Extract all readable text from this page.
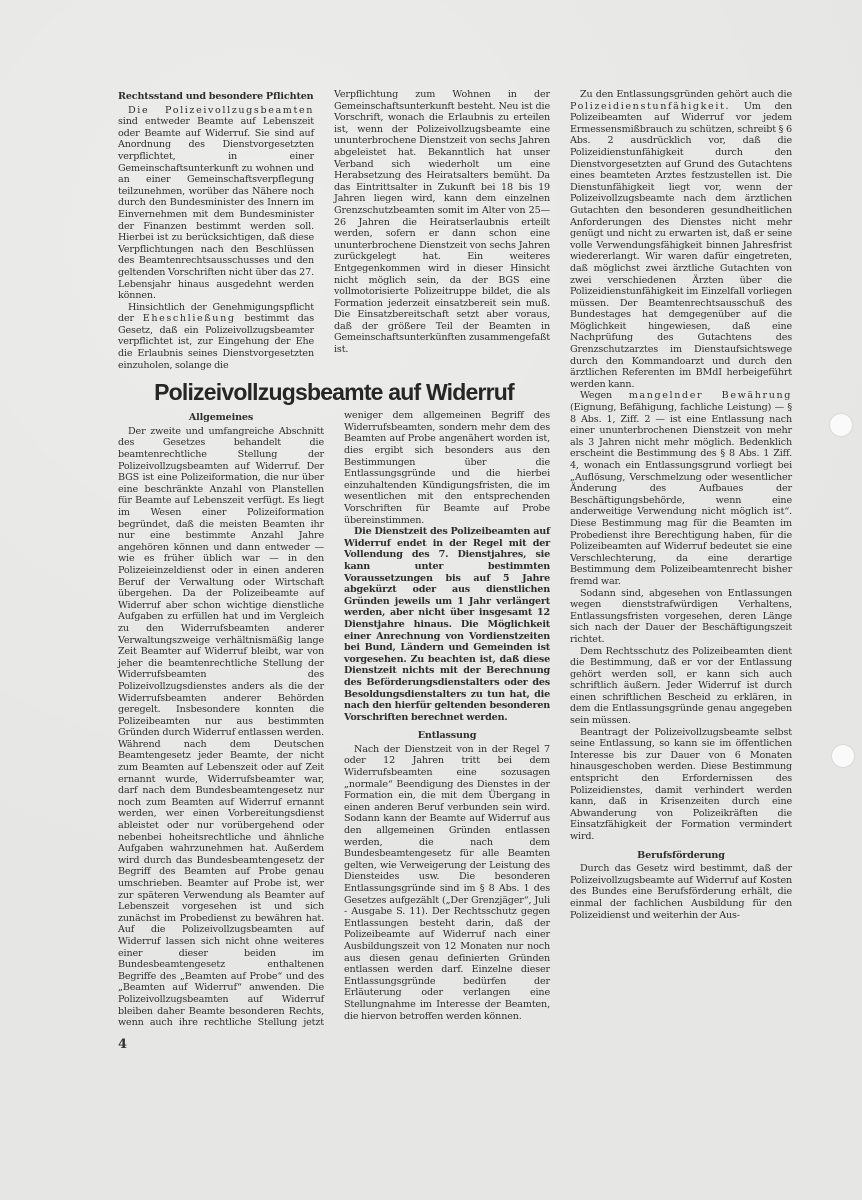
Rechtsstand und besondere Pflichten

Die Polizeivollzugsbeamten sind entweder Beamte auf Lebenszeit oder Beamte auf Widerruf. Sie sind auf Anordnung des Dienstvorgesetzten verpflichtet, in einer Gemeinschaftsunterkunft zu wohnen und an einer Gemeinschaftsverpflegung teilzunehmen, worüber das Nähere noch durch den Bundesminister des Innern im Einvernehmen mit dem Bundesminister der Finanzen bestimmt werden soll. Hierbei ist zu berücksichtigen, daß diese Verpflichtungen nach den Beschlüssen des Beamtenrechtsausschusses und den geltenden Vorschriften nicht über das 27. Lebensjahr hinaus ausgedehnt werden können.

Hinsichtlich der Genehmigungspflicht der Eheschließung bestimmt das Gesetz, daß ein Polizeivollzugsbeamter verpflichtet ist, zur Eingehung der Ehe die Erlaubnis seines Dienstvorgesetzten einzuholen, solange die

Verpflichtung zum Wohnen in der Gemeinschaftsunterkunft besteht. Neu ist die Vorschrift, wonach die Erlaubnis zu erteilen ist, wenn der Polizeivollzugsbeamte eine ununterbrochene Dienstzeit von sechs Jahren abgeleistet hat. Bekanntlich hat unser Verband sich wiederholt um eine Herabsetzung des Heiratsalters bemüht. Da das Eintrittsalter in Zukunft bei 18 bis 19 Jahren liegen wird, kann dem einzelnen Grenzschutzbeamten somit im Alter von 25—26 Jahren die Heiratserlaubnis erteilt werden, sofern er dann schon eine ununterbrochene Dienstzeit von sechs Jahren zurückgelegt hat. Ein weiteres Entgegenkommen wird in dieser Hinsicht nicht möglich sein, da der BGS eine vollmotorisierte Polizeitruppe bildet, die als Formation jederzeit einsatzbereit sein muß. Die Einsatzbereitschaft setzt aber voraus, daß der größere Teil der Beamten in Gemeinschaftsunterkünften zusammengefaßt ist.

Polizeivollzugsbeamte auf Widerruf
Allgemeines

Der zweite und umfangreiche Abschnitt des Gesetzes behandelt die beamtenrechtliche Stellung der Polizeivollzugsbeamten auf Widerruf. Der BGS ist eine Polizeiformation, die nur über eine beschränkte Anzahl von Planstellen für Beamte auf Lebenszeit verfügt. Es liegt im Wesen einer Polizeiformation begründet, daß die meisten Beamten ihr nur eine bestimmte Anzahl Jahre angehören können und dann entweder — wie es früher üblich war — in den Polizeieinzeldienst oder in einen anderen Beruf der Verwaltung oder Wirtschaft übergehen. Da der Polizeibeamte auf Widerruf aber schon wichtige dienstliche Aufgaben zu erfüllen hat und im Vergleich zu den Widerrufsbeamten anderer Verwaltungszweige verhältnismäßig lange Zeit Beamter auf Widerruf bleibt, war von jeher die beamtenrechtliche Stellung der Widerrufsbeamten des Polizeivollzugsdienstes anders als die der Widerrufsbeamten anderer Behörden geregelt. Insbesondere konnten die Polizeibeamten nur aus bestimmten Gründen durch Widerruf entlassen werden. Während nach dem Deutschen Beamtengesetz jeder Beamte, der nicht zum Beamten auf Lebenszeit oder auf Zeit ernannt wurde, Widerrufsbeamter war, darf nach dem Bundesbeamtengesetz nur noch zum Beamten auf Widerruf ernannt werden, wer einen Vorbereitungsdienst ableistet oder nur vorübergehend oder nebenbei hoheitsrechtliche und ähnliche Aufgaben wahrzunehmen hat. Außerdem wird durch das Bundesbeamtengesetz der Begriff des Beamten auf Probe genau umschrieben. Beamter auf Probe ist, wer zur späteren Verwendung als Beamter auf Lebenszeit vorgesehen ist und sich zunächst im Probedienst zu bewähren hat. Auf die Polizeivollzugsbeamten auf Widerruf lassen sich nicht ohne weiteres einer dieser beiden im Bundesbeamtengesetz enthaltenen Begriffe des „Beamten auf Probe“ und des „Beamten auf Widerruf“ anwenden. Die Polizeivollzugsbeamten auf Widerruf bleiben daher Beamte besonderen Rechts, wenn auch ihre rechtliche Stellung jetzt weniger dem allgemeinen Begriff des Widerrufsbeamten, sondern mehr dem des Beamten auf Probe angenähert worden ist, dies ergibt sich besonders aus den Bestimmungen über die Entlassungsgründe und die hierbei einzuhaltenden Kündigungsfristen, die im wesentlichen mit den entsprechenden Vorschriften für Beamte auf Probe übereinstimmen.

Die Dienstzeit des Polizeibeamten auf Widerruf endet in der Regel mit der Vollendung des 7. Dienstjahres, sie kann unter bestimmten Voraussetzungen bis auf 5 Jahre abgekürzt oder aus dienstlichen Gründen jeweils um 1 Jahr verlängert werden, aber nicht über insgesamt 12 Dienstjahre hinaus. Die Möglichkeit einer Anrechnung von Vordienstzeiten bei Bund, Ländern und Gemeinden ist vorgesehen. Zu beachten ist, daß diese Dienstzeit nichts mit der Berechnung des Beförderungsdienstalters oder des Besoldungsdienstalters zu tun hat, die nach den hierfür geltenden besonderen Vorschriften berechnet werden.

Entlassung

Nach der Dienstzeit von in der Regel 7 oder 12 Jahren tritt bei dem Widerrufsbeamten eine sozusagen „normale“ Beendigung des Dienstes in der Formation ein, die mit dem Übergang in einen anderen Beruf verbunden sein wird. Sodann kann der Beamte auf Widerruf aus den allgemeinen Gründen entlassen werden, die nach dem Bundesbeamtengesetz für alle Beamten gelten, wie Verweigerung der Leistung des Diensteides usw. Die besonderen Entlassungsgründe sind im § 8 Abs. 1 des Gesetzes aufgezählt („Der Grenzjäger“, Juli - Ausgabe S. 11). Der Rechtsschutz gegen Entlassungen besteht darin, daß der Polizeibeamte auf Widerruf nach einer Ausbildungszeit von 12 Monaten nur noch aus diesen genau definierten Gründen entlassen werden darf. Einzelne dieser Entlassungsgründe bedürfen der Erläuterung oder verlangen eine Stellungnahme im Interesse der Beamten, die hiervon betroffen werden können.

4

Zu den Entlassungsgründen gehört auch die Polizeidienstunfähigkeit. Um den Polizeibeamten auf Widerruf vor jedem Ermessensmißbrauch zu schützen, schreibt § 6 Abs. 2 ausdrücklich vor, daß die Polizeidienstunfähigkeit durch den Dienstvorgesetzten auf Grund des Gutachtens eines beamteten Arztes festzustellen ist. Die Dienstunfähigkeit liegt vor, wenn der Polizeivollzugsbeamte nach dem ärztlichen Gutachten den besonderen gesundheitlichen Anforderungen des Dienstes nicht mehr genügt und nicht zu erwarten ist, daß er seine volle Verwendungsfähigkeit binnen Jahresfrist wiedererlangt. Wir waren dafür eingetreten, daß möglichst zwei ärztliche Gutachten von zwei verschiedenen Ärzten über die Polizeidienstunfähigkeit im Einzelfall vorliegen müssen. Der Beamtenrechtsausschuß des Bundestages hat demgegenüber auf die Möglichkeit hingewiesen, daß eine Nachprüfung des Gutachtens des Grenzschutzarztes im Dienstaufsichtswege durch den Kommandoarzt und durch den ärztlichen Referenten im BMdI herbeigeführt werden kann.

Wegen mangelnder Bewährung (Eignung, Befähigung, fachliche Leistung) — § 8 Abs. 1, Ziff. 2 — ist eine Entlassung nach einer ununterbrochenen Dienstzeit von mehr als 3 Jahren nicht mehr möglich. Bedenklich erscheint die Bestimmung des § 8 Abs. 1 Ziff. 4, wonach ein Entlassungsgrund vorliegt bei „Auflösung, Verschmelzung oder wesentlicher Änderung des Aufbaues der Beschäftigungsbehörde, wenn eine anderweitige Verwendung nicht möglich ist“. Diese Bestimmung mag für die Beamten im Probedienst ihre Berechtigung haben, für die Polizeibeamten auf Widerruf bedeutet sie eine Verschlechterung, da eine derartige Bestimmung dem Polizeibeamtenrecht bisher fremd war.

Sodann sind, abgesehen von Entlassungen wegen dienststrafwürdigen Verhaltens, Entlassungsfristen vorgesehen, deren Länge sich nach der Dauer der Beschäftigungszeit richtet.

Dem Rechtsschutz des Polizeibeamten dient die Bestimmung, daß er vor der Entlassung gehört werden soll, er kann sich auch schriftlich äußern. Jeder Widerruf ist durch einen schriftlichen Bescheid zu erklären, in dem die Entlassungsgründe genau angegeben sein müssen.

Beantragt der Polizeivollzugsbeamte selbst seine Entlassung, so kann sie im öffentlichen Interesse bis zur Dauer von 6 Monaten hinausgeschoben werden. Diese Bestimmung entspricht den Erfordernissen des Polizeidienstes, damit verhindert werden kann, daß in Krisenzeiten durch eine Abwanderung von Polizeikräften die Einsatzfähigkeit der Formation vermindert wird.

Berufsförderung

Durch das Gesetz wird bestimmt, daß der Polizeivollzugsbeamte auf Widerruf auf Kosten des Bundes eine Berufsförderung erhält, die einmal der fachlichen Ausbildung für den Polizeidienst und weiterhin der Aus-
